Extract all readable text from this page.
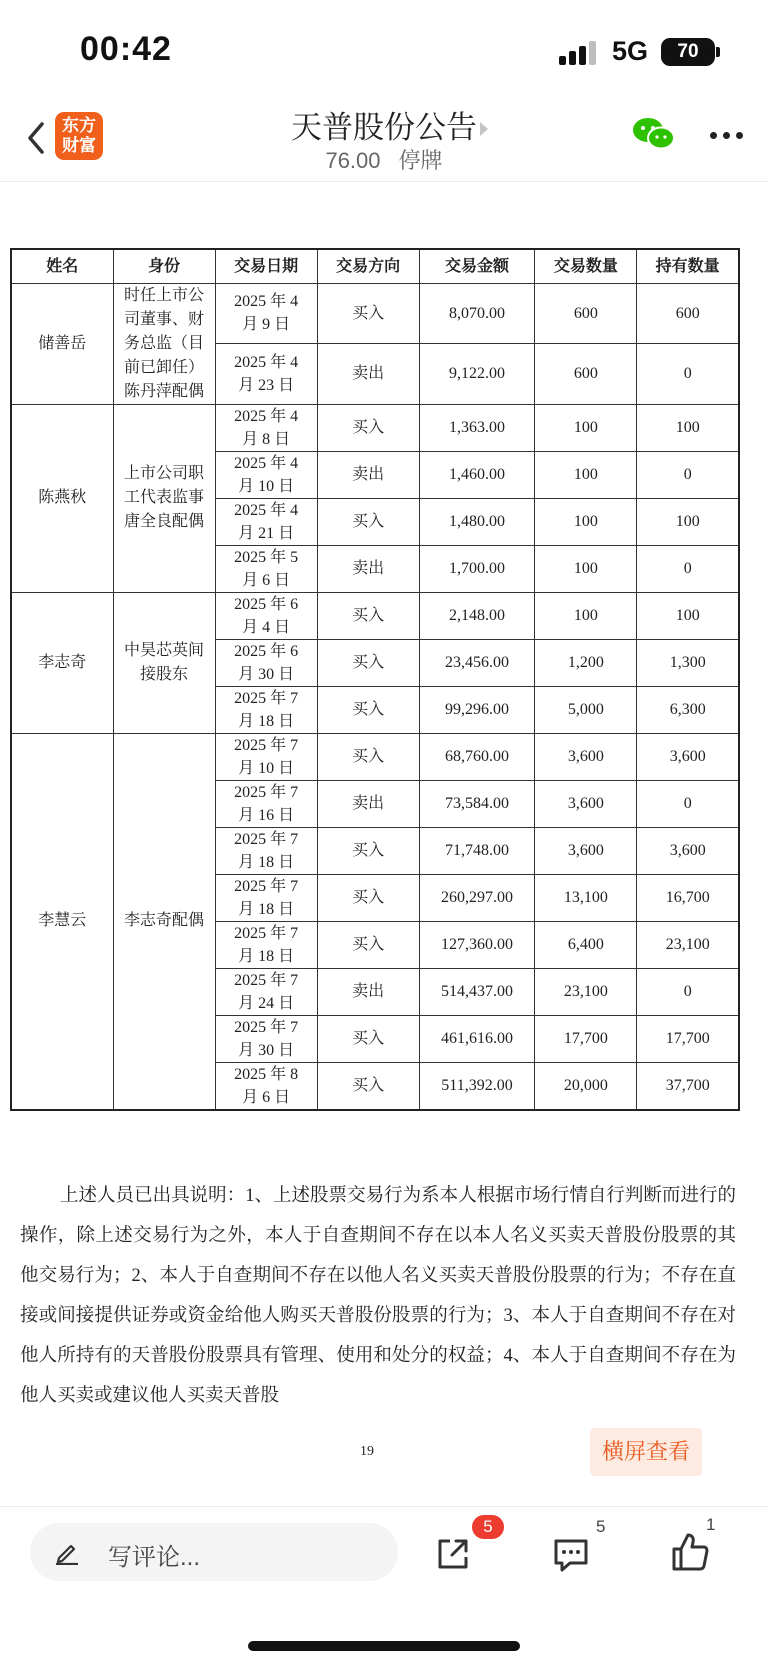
00:42	5G	70
东方
财富
天普股份公告
76.00 停牌
姓名	身份	交易日期	交易方向	交易金额	交易数量	持有数量
储善岳	时任上市公司董事、财务总监（目前已卸任）陈丹萍配偶	2025 年 4
月 9 日	买入	8,070.00	600	600
		2025 年 4
月 23 日	卖出	9,122.00	600	0
陈燕秋	上市公司职工代表监事唐全良配偶	2025 年 4
月 8 日	买入	1,363.00	100	100
		2025 年 4
月 10 日	卖出	1,460.00	100	0
		2025 年 4
月 21 日	买入	1,480.00	100	100
		2025 年 5
月 6 日	卖出	1,700.00	100	0
李志奇	中昊芯英间接股东	2025 年 6
月 4 日	买入	2,148.00	100	100
		2025 年 6
月 30 日	买入	23,456.00	1,200	1,300
		2025 年 7
月 18 日	买入	99,296.00	5,000	6,300
李慧云	李志奇配偶	2025 年 7
月 10 日	买入	68,760.00	3,600	3,600
		2025 年 7
月 16 日	卖出	73,584.00	3,600	0
		2025 年 7
月 18 日	买入	71,748.00	3,600	3,600
		2025 年 7
月 18 日	买入	260,297.00	13,100	16,700
		2025 年 7
月 18 日	买入	127,360.00	6,400	23,100
		2025 年 7
月 24 日	卖出	514,437.00	23,100	0
		2025 年 7
月 30 日	买入	461,616.00	17,700	17,700
		2025 年 8
月 6 日	买入	511,392.00	20,000	37,700
上述人员已出具说明：1、上述股票交易行为系本人根据市场行情自行判断而进行的操作，除上述交易行为之外，本人于自查期间不存在以本人名义买卖天普股份股票的其他交易行为；2、本人于自查期间不存在以他人名义买卖天普股份股票的行为；不存在直接或间接提供证券或资金给他人购买天普股份股票的行为；3、本人于自查期间不存在对他人所持有的天普股份股票具有管理、使用和处分的权益；4、本人于自查期间不存在为他人买卖或建议他人买卖天普股
19	横屏查看
写评论...
5	5	1
